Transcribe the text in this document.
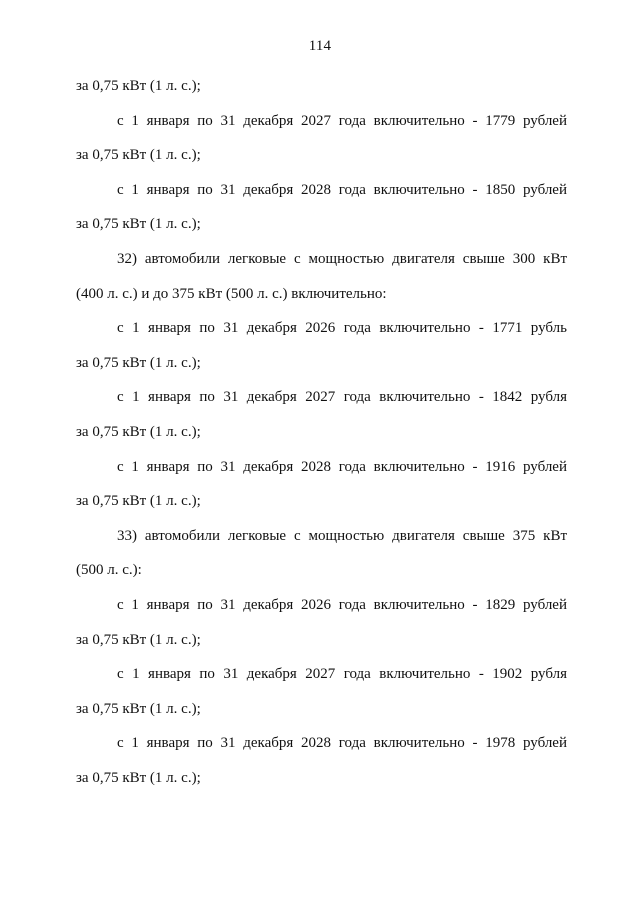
114
за 0,75 кВт (1 л. с.);
с 1 января по 31 декабря 2027 года включительно - 1779 рублей
за 0,75 кВт (1 л. с.);
с 1 января по 31 декабря 2028 года включительно - 1850 рублей
за 0,75 кВт (1 л. с.);
32) автомобили легковые с мощностью двигателя свыше 300 кВт
(400 л. с.) и до 375 кВт (500 л. с.) включительно:
с 1 января по 31 декабря 2026 года включительно - 1771 рубль
за 0,75 кВт (1 л. с.);
с 1 января по 31 декабря 2027 года включительно - 1842 рубля
за 0,75 кВт (1 л. с.);
с 1 января по 31 декабря 2028 года включительно - 1916 рублей
за 0,75 кВт (1 л. с.);
33) автомобили легковые с мощностью двигателя свыше 375 кВт
(500 л. с.):
с 1 января по 31 декабря 2026 года включительно - 1829 рублей
за 0,75 кВт (1 л. с.);
с 1 января по 31 декабря 2027 года включительно - 1902 рубля
за 0,75 кВт (1 л. с.);
с 1 января по 31 декабря 2028 года включительно - 1978 рублей
за 0,75 кВт (1 л. с.);
